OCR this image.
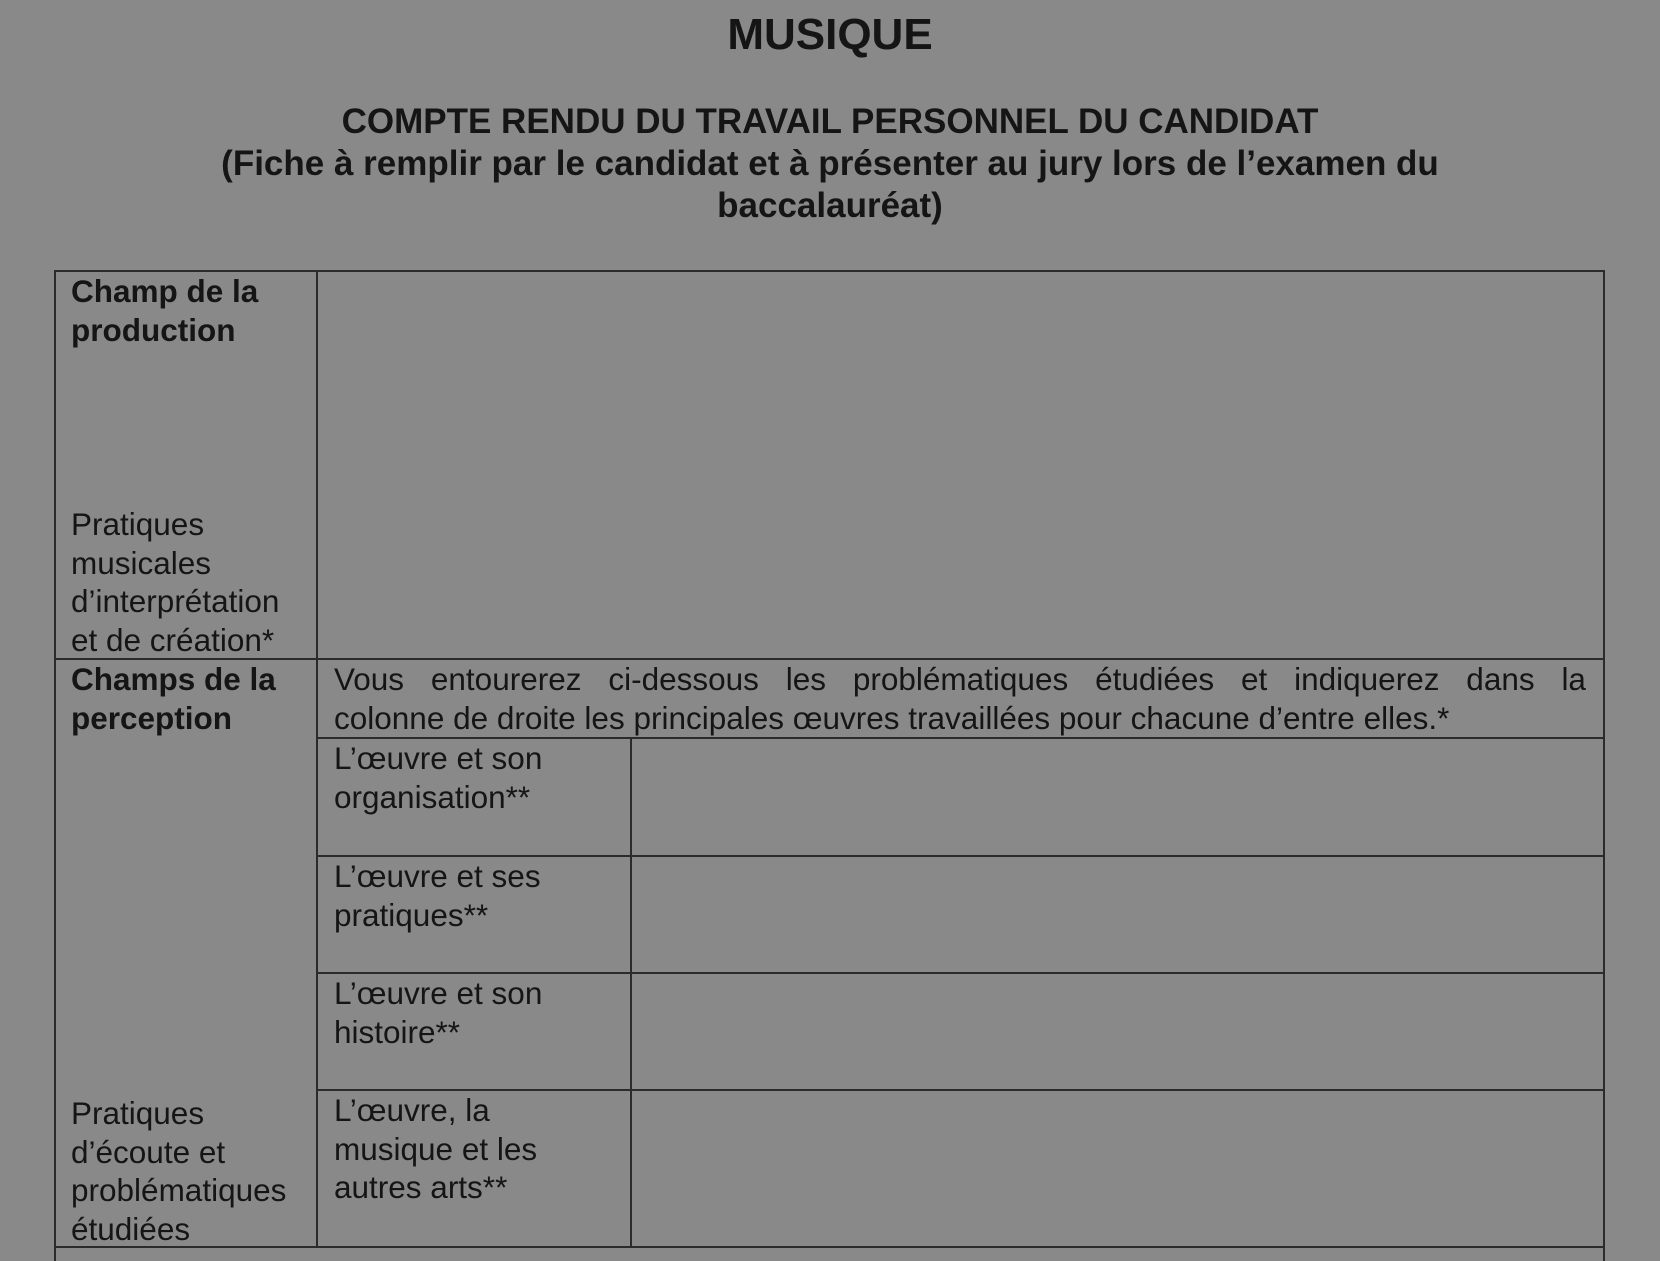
MUSIQUE
COMPTE RENDU DU TRAVAIL PERSONNEL DU CANDIDAT
(Fiche à remplir par le candidat et à présenter au jury lors de l’examen du
baccalauréat)
Champ de la
production
Pratiques
musicales
d’interprétation
et de création*
Champs de la
perception
Pratiques
d’écoute et
problématiques
étudiées
Vous entourerez ci-dessous les problématiques étudiées et indiquerez dans la
colonne de droite les principales œuvres travaillées pour chacune d’entre elles.*
L’œuvre et son
organisation**
L’œuvre et ses
pratiques**
L’œuvre et son
histoire**
L’œuvre, la
musique et les
autres arts**
